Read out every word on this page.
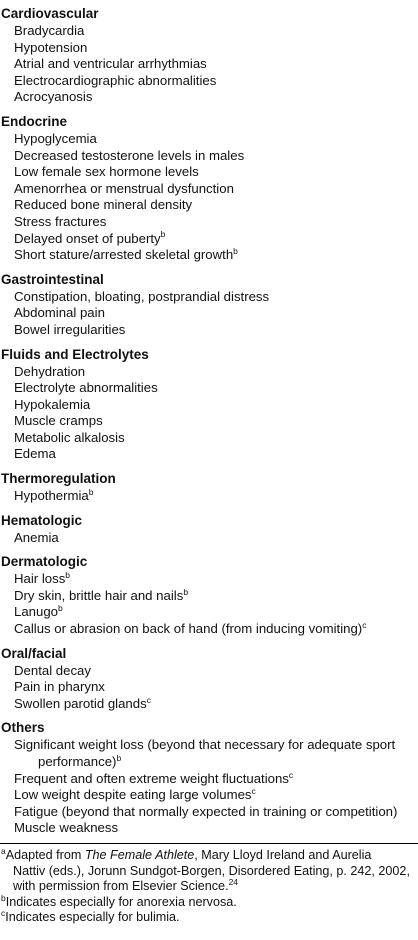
Cardiovascular
Bradycardia
Hypotension
Atrial and ventricular arrhythmias
Electrocardiographic abnormalities
Acrocyanosis
Endocrine
Hypoglycemia
Decreased testosterone levels in males
Low female sex hormone levels
Amenorrhea or menstrual dysfunction
Reduced bone mineral density
Stress fractures
Delayed onset of puberty$^b$
Short stature/arrested skeletal growth$^b$
Gastrointestinal
Constipation, bloating, postprandial distress
Abdominal pain
Bowel irregularities
Fluids and Electrolytes
Dehydration
Electrolyte abnormalities
Hypokalemia
Muscle cramps
Metabolic alkalosis
Edema
Thermoregulation
Hypothermia$^b$
Hematologic
Anemia
Dermatologic
Hair loss$^b$
Dry skin, brittle hair and nails$^b$
Lanugo$^b$
Callus or abrasion on back of hand (from inducing vomiting)$^c$
Oral/facial
Dental decay
Pain in pharynx
Swollen parotid glands$^c$
Others
Significant weight loss (beyond that necessary for adequate sport
performance)$^b$
Frequent and often extreme weight fluctuations$^c$
Low weight despite eating large volumes$^c$
Fatigue (beyond that normally expected in training or competition)
Muscle weakness
$^a$Adapted from The Female Athlete, Mary Lloyd Ireland and Aurelia
Nattiv (eds.), Jorunn Sundgot-Borgen, Disordered Eating, p. 242, 2002,
with permission from Elsevier Science.$^{24}$
$^b$Indicates especially for anorexia nervosa.
$^c$Indicates especially for bulimia.
